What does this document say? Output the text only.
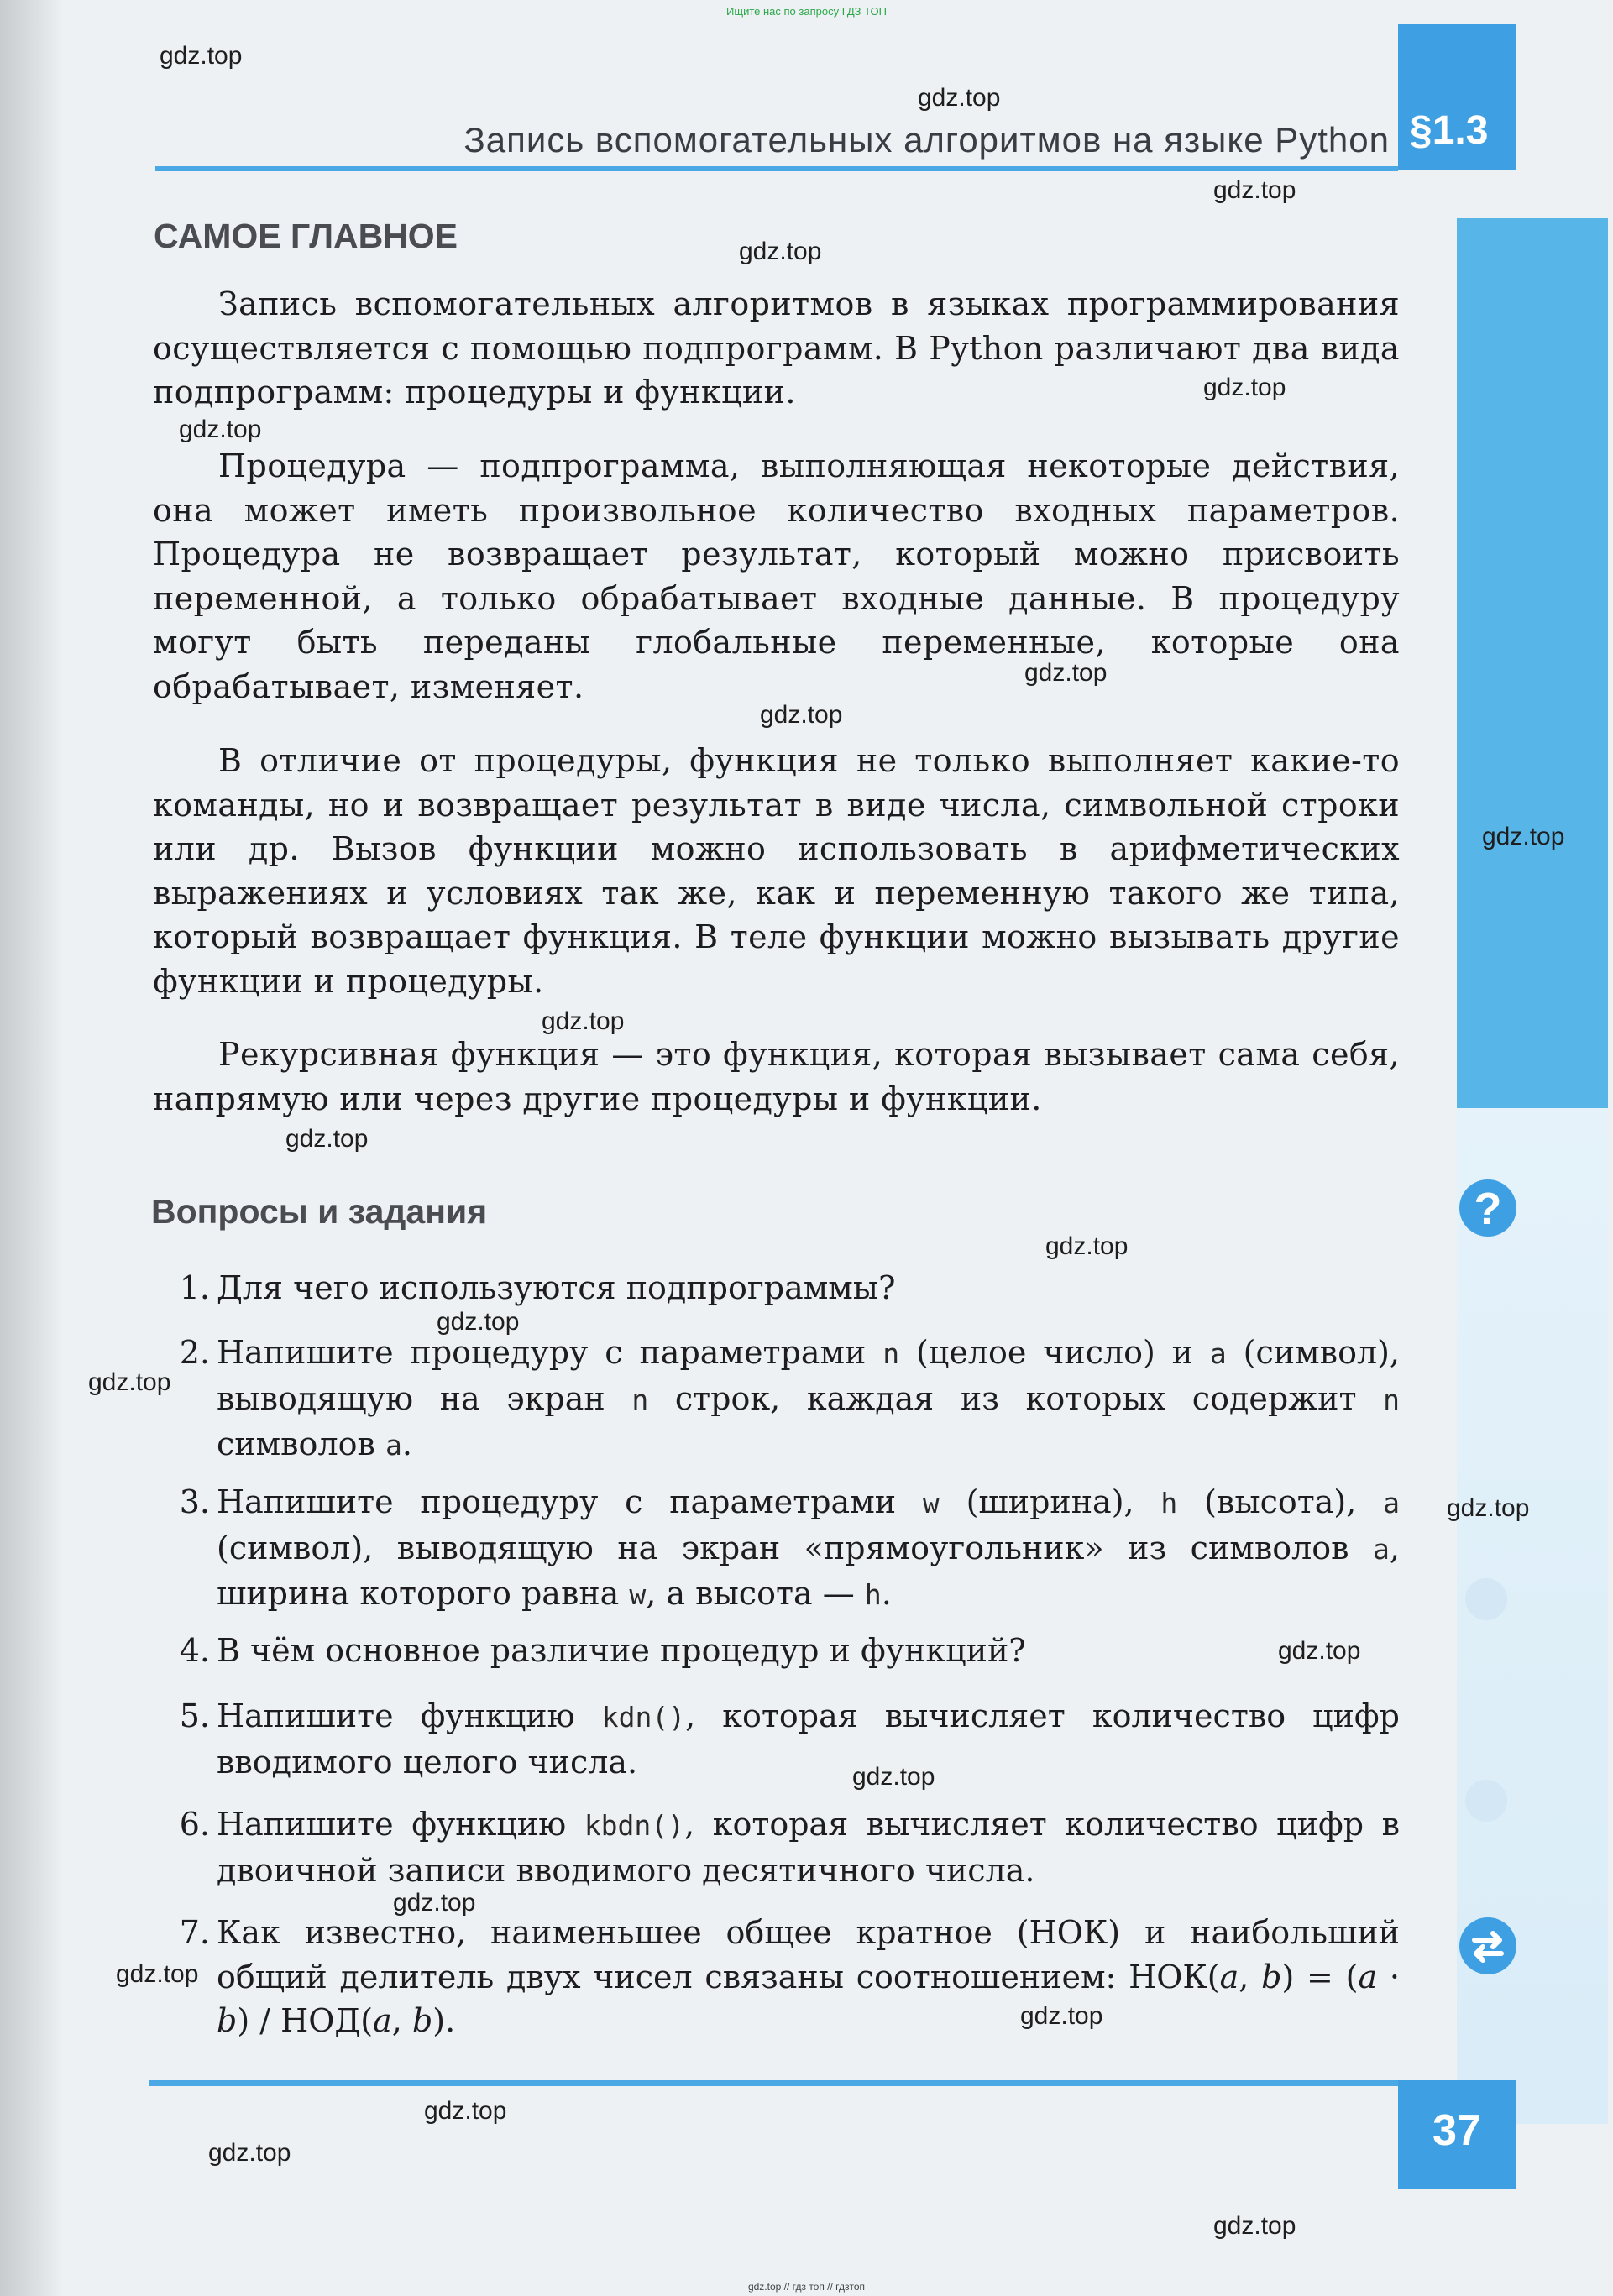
Ищите нас по запросу ГДЗ ТОП
§1.3
Запись вспомогательных алгоритмов на языке Python
САМОЕ ГЛАВНОЕ
Запись вспомогательных алгоритмов в языках программирования осуществляется с помощью подпрограмм. В Python различают два вида подпрограмм: процедуры и функции.
Процедура — подпрограмма, выполняющая некоторые действия, она может иметь произвольное количество входных параметров. Процедура не возвращает результат, который можно присвоить переменной, а только обрабатывает входные данные. В процедуру могут быть переданы глобальные переменные, которые она обрабатывает, изменяет.
В отличие от процедуры, функция не только выполняет какие-то команды, но и возвращает результат в виде числа, символьной строки или др. Вызов функции можно использовать в арифметических выражениях и условиях так же, как и переменную такого же типа, который возвращает функция. В теле функции можно вызывать другие функции и процедуры.
Рекурсивная функция — это функция, которая вызывает сама себя, напрямую или через другие процедуры и функции.
Вопросы и задания
1. Для чего используются подпрограммы?
2. Напишите процедуру с параметрами n (целое число) и a (символ), выводящую на экран n строк, каждая из которых содержит n символов a.
3. Напишите процедуру с параметрами w (ширина), h (высота), a (символ), выводящую на экран «прямоугольник» из символов a, ширина которого равна w, а высота — h.
4. В чём основное различие процедур и функций?
5. Напишите функцию kdn(), которая вычисляет количество цифр вводимого целого числа.
6. Напишите функцию kbdn(), которая вычисляет количество цифр в двоичной записи вводимого десятичного числа.
7. Как известно, наименьшее общее кратное (НОК) и наибольший общий делитель двух чисел связаны соотношением: НОК(a, b) = (a · b) / НОД(a, b).
?
37
gdz.top
gdz.top
gdz.top
gdz.top
gdz.top
gdz.top
gdz.top
gdz.top
gdz.top
gdz.top
gdz.top
gdz.top
gdz.top
gdz.top
gdz.top
gdz.top
gdz.top
gdz.top
gdz.top
gdz.top
gdz.top
gdz.top
gdz.top
gdz.top // гдз топ // гдзтоп
